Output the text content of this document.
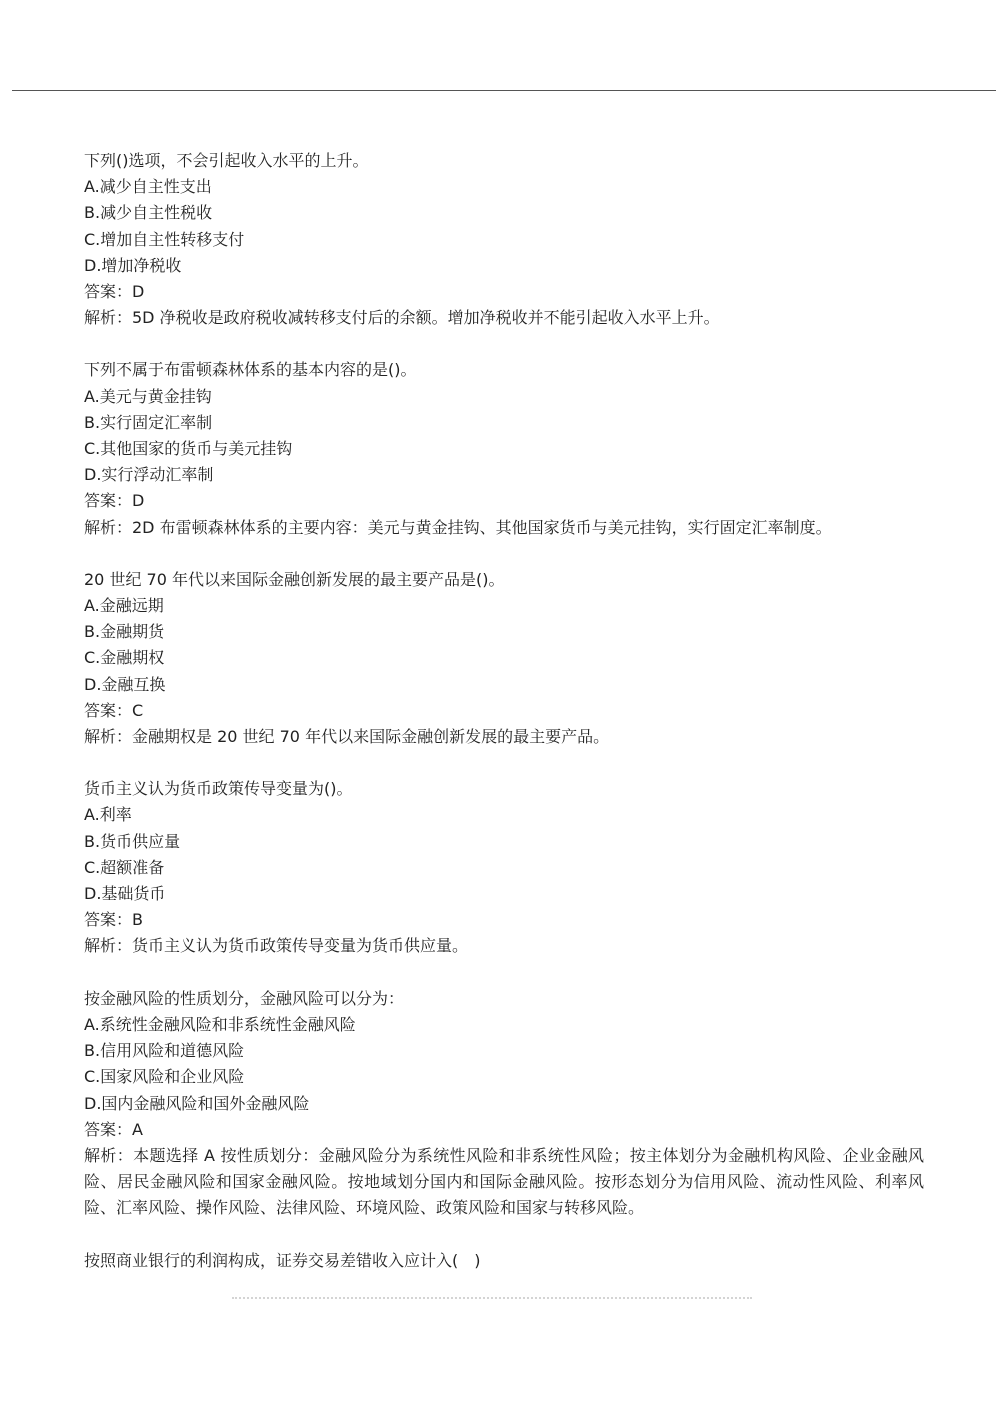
下列()选项，不会引起收入水平的上升。
A.减少自主性支出
B.减少自主性税收
C.增加自主性转移支付
D.增加净税收
答案：D
解析：5D 净税收是政府税收减转移支付后的余额。增加净税收并不能引起收入水平上升。
下列不属于布雷顿森林体系的基本内容的是()。
A.美元与黄金挂钩
B.实行固定汇率制
C.其他国家的货币与美元挂钩
D.实行浮动汇率制
答案：D
解析：2D 布雷顿森林体系的主要内容：美元与黄金挂钩、其他国家货币与美元挂钩，实行固定汇率制度。
20 世纪 70 年代以来国际金融创新发展的最主要产品是()。
A.金融远期
B.金融期货
C.金融期权
D.金融互换
答案：C
解析：金融期权是 20 世纪 70 年代以来国际金融创新发展的最主要产品。
货币主义认为货币政策传导变量为()。
A.利率
B.货币供应量
C.超额准备
D.基础货币
答案：B
解析：货币主义认为货币政策传导变量为货币供应量。
按金融风险的性质划分，金融风险可以分为：
A.系统性金融风险和非系统性金融风险
B.信用风险和道德风险
C.国家风险和企业风险
D.国内金融风险和国外金融风险
答案：A
解析：本题选择 A 按性质划分：金融风险分为系统性风险和非系统性风险；按主体划分为金融机构风险、企业金融风险、居民金融风险和国家金融风险。按地域划分国内和国际金融风险。按形态划分为信用风险、流动性风险、利率风险、汇率风险、操作风险、法律风险、环境风险、政策风险和国家与转移风险。
按照商业银行的利润构成，证券交易差错收入应计入(　)
